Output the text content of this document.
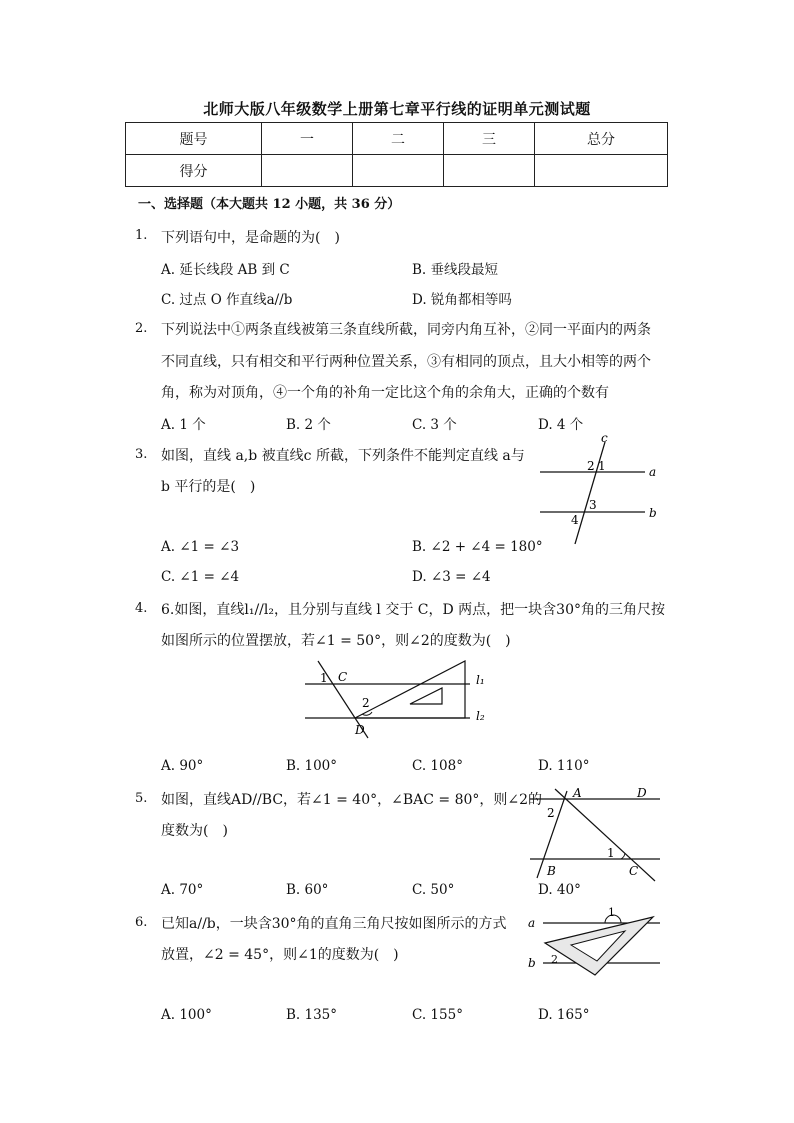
北师大版八年级数学上册第七章平行线的证明单元测试题
题号	一	二	三	总分
得分				
一、选择题（本大题共 12 小题，共 36 分）
1. 下列语句中，是命题的为(　)
A. 延长线段 AB 到 C	B. 垂线段最短
C. 过点 O 作直线a//b	D. 锐角都相等吗
2. 下列说法中①两条直线被第三条直线所截，同旁内角互补，②同一平面内的两条
不同直线，只有相交和平行两种位置关系，③有相同的顶点，且大小相等的两个
角，称为对顶角，④一个角的补角一定比这个角的余角大，正确的个数有
A. 1 个	B. 2 个	C. 3 个	D. 4 个
3. 如图，直线 a,b 被直线c 所截，下列条件不能判定直线 a与
b 平行的是(　)
c
a
b
2 1
3
4
A. ∠1 = ∠3	B. ∠2 + ∠4 = 180°
C. ∠1 = ∠4	D. ∠3 = ∠4
4. 6.如图，直线l₁//l₂，且分别与直线 l 交于 C，D 两点，把一块含30°角的三角尺按
如图所示的位置摆放，若∠1 = 50°，则∠2的度数为(　)
1 C
2
D
l₁
l₂
A. 90°	B. 100°	C. 108°	D. 110°
5. 如图，直线AD//BC，若∠1 = 40°，∠BAC = 80°，则∠2的
度数为(　)
A	D
2
1
B	C
A. 70°	B. 60°	C. 50°	D. 40°
6. 已知a//b，一块含30°角的直角三角尺按如图所示的方式
放置，∠2 = 45°，则∠1的度数为(　)
a
b
1
2
A. 100°	B. 135°	C. 155°	D. 165°
